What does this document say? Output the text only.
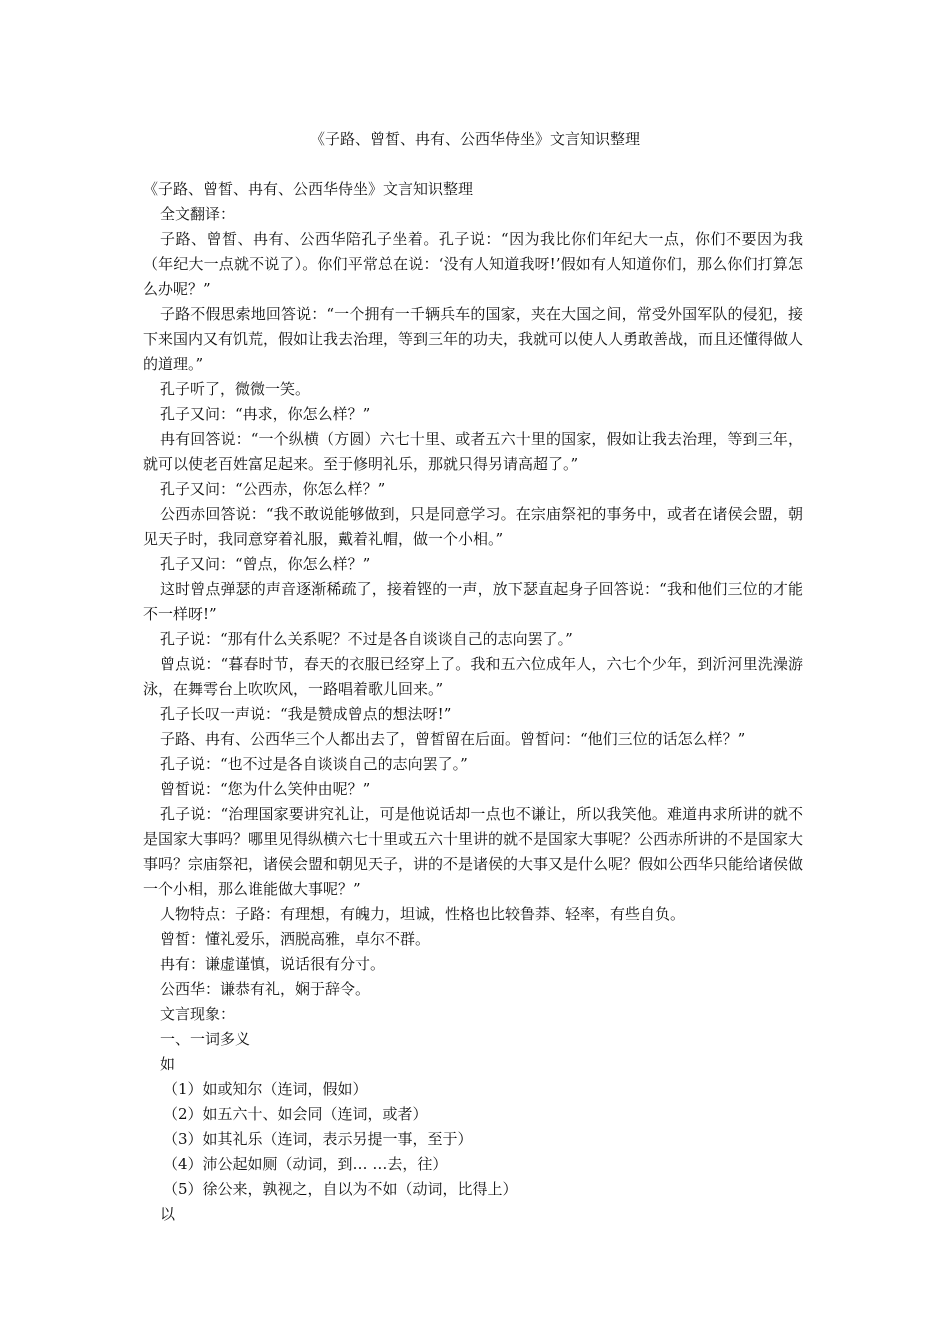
《子路、曾皙、冉有、公西华侍坐》文言知识整理

《子路、曾皙、冉有、公西华侍坐》文言知识整理

全文翻译：

子路、曾皙、冉有、公西华陪孔子坐着。孔子说：“因为我比你们年纪大一点，你们不要因为我（年纪大一点就不说了）。你们平常总在说：‘没有人知道我呀!’假如有人知道你们，那么你们打算怎么办呢？”

子路不假思索地回答说：“一个拥有一千辆兵车的国家，夹在大国之间，常受外国军队的侵犯，接下来国内又有饥荒，假如让我去治理，等到三年的功夫，我就可以使人人勇敢善战，而且还懂得做人的道理。”

孔子听了，微微一笑。

孔子又问：“冉求，你怎么样？”

冉有回答说：“一个纵横（方圆）六七十里、或者五六十里的国家，假如让我去治理，等到三年，就可以使老百姓富足起来。至于修明礼乐，那就只得另请高超了。”

孔子又问：“公西赤，你怎么样？”

公西赤回答说：“我不敢说能够做到，只是同意学习。在宗庙祭祀的事务中，或者在诸侯会盟，朝见天子时，我同意穿着礼服，戴着礼帽，做一个小相。”

孔子又问：“曾点，你怎么样？”

这时曾点弹瑟的声音逐渐稀疏了，接着铿的一声，放下瑟直起身子回答说：“我和他们三位的才能不一样呀!”

孔子说：“那有什么关系呢？不过是各自谈谈自己的志向罢了。”

曾点说：“暮春时节，春天的衣服已经穿上了。我和五六位成年人，六七个少年，到沂河里洗澡游泳，在舞雩台上吹吹风，一路唱着歌儿回来。”

孔子长叹一声说：“我是赞成曾点的想法呀!”

子路、冉有、公西华三个人都出去了，曾皙留在后面。曾皙问：“他们三位的话怎么样？”

孔子说：“也不过是各自谈谈自己的志向罢了。”

曾皙说：“您为什么笑仲由呢？”

孔子说：“治理国家要讲究礼让，可是他说话却一点也不谦让，所以我笑他。难道冉求所讲的就不是国家大事吗？哪里见得纵横六七十里或五六十里讲的就不是国家大事呢？公西赤所讲的不是国家大事吗？宗庙祭祀，诸侯会盟和朝见天子，讲的不是诸侯的大事又是什么呢？假如公西华只能给诸侯做一个小相，那么谁能做大事呢？”

人物特点：子路：有理想，有魄力，坦诚，性格也比较鲁莽、轻率，有些自负。

曾皙：懂礼爱乐，洒脱高雅，卓尔不群。

冉有：谦虚谨慎，说话很有分寸。

公西华：谦恭有礼，娴于辞令。

文言现象：

一、一词多义

如

（1）如或知尔（连词，假如）

（2）如五六十、如会同（连词，或者）

（3）如其礼乐（连词，表示另提一事，至于）

（4）沛公起如厕（动词，到… …去，往）

（5）徐公来，孰视之，自以为不如（动词，比得上）

以
